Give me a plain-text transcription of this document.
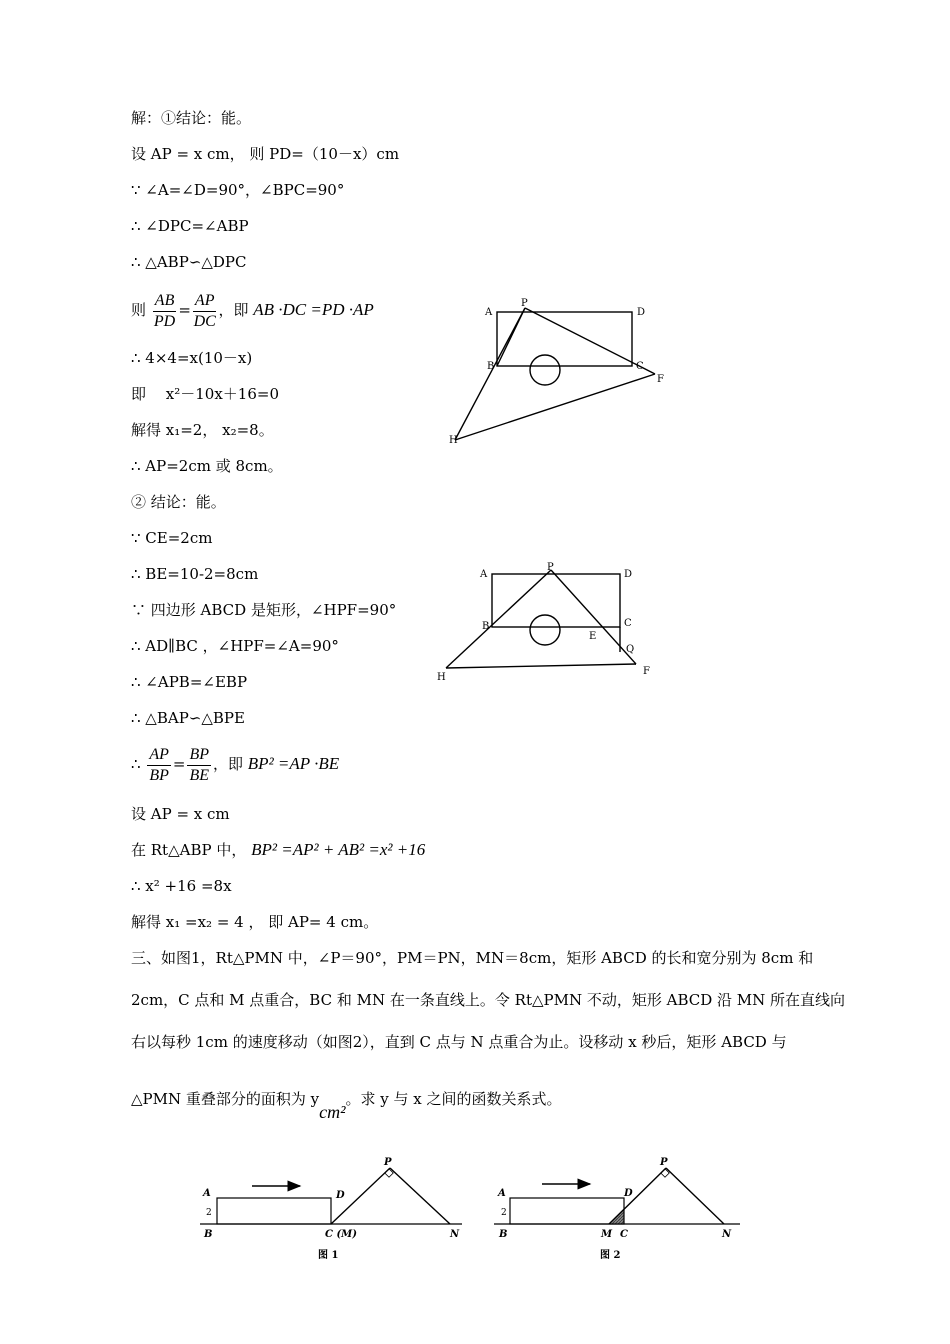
解：①结论：能。
设 AP = x cm， 则 PD=（10－x）cm
∵ ∠A=∠D=90°，∠BPC=90°
∴ ∠DPC=∠ABP
∴ △ABP∽△DPC
则 $\frac{AB}{PD} = \frac{AP}{DC}$ ，即 AB ·DC =PD ·AP
∴ 4×4=x(10－x)
即　 x²－10x＋16=0
解得 x₁=2， x₂=8。
∴ AP=2cm 或 8cm。
② 结论：能。
∵ CE=2cm
∴ BE=10-2=8cm
∵ 四边形 ABCD 是矩形，∠HPF=90°
∴ AD∥BC ，∠HPF=∠A=90°
∴ ∠APB=∠EBP
∴ △BAP∽△BPE
∴ $\frac{AP}{BP} = \frac{BP}{BE}$ ，即 BP² =AP ·BE
设 AP = x cm
在 Rt△ABP 中， BP² =AP² + AB² =x² +16
∴ x² +16 =8x
解得 x₁ =x₂ = 4 ， 即 AP= 4 cm。
三、如图1，Rt△PMN 中，∠P＝90°，PM＝PN，MN＝8cm，矩形 ABCD 的长和宽分别为 8cm 和
2cm，C 点和 M 点重合，BC 和 MN 在一条直线上。令 Rt△PMN 不动，矩形 ABCD 沿 MN 所在直线向
右以每秒 1cm 的速度移动（如图2），直到 C 点与 N 点重合为止。设移动 x 秒后，矩形 ABCD 与
△PMN 重叠部分的面积为 ycm²。求 y 与 x 之间的函数关系式。
A
P
D
B	C
F
H
A
P
D
B
E
C
Q
F
H
A
2
B
D
C (M)
P
N
图 1
A
2
B
D
M C
P
N
图 2
